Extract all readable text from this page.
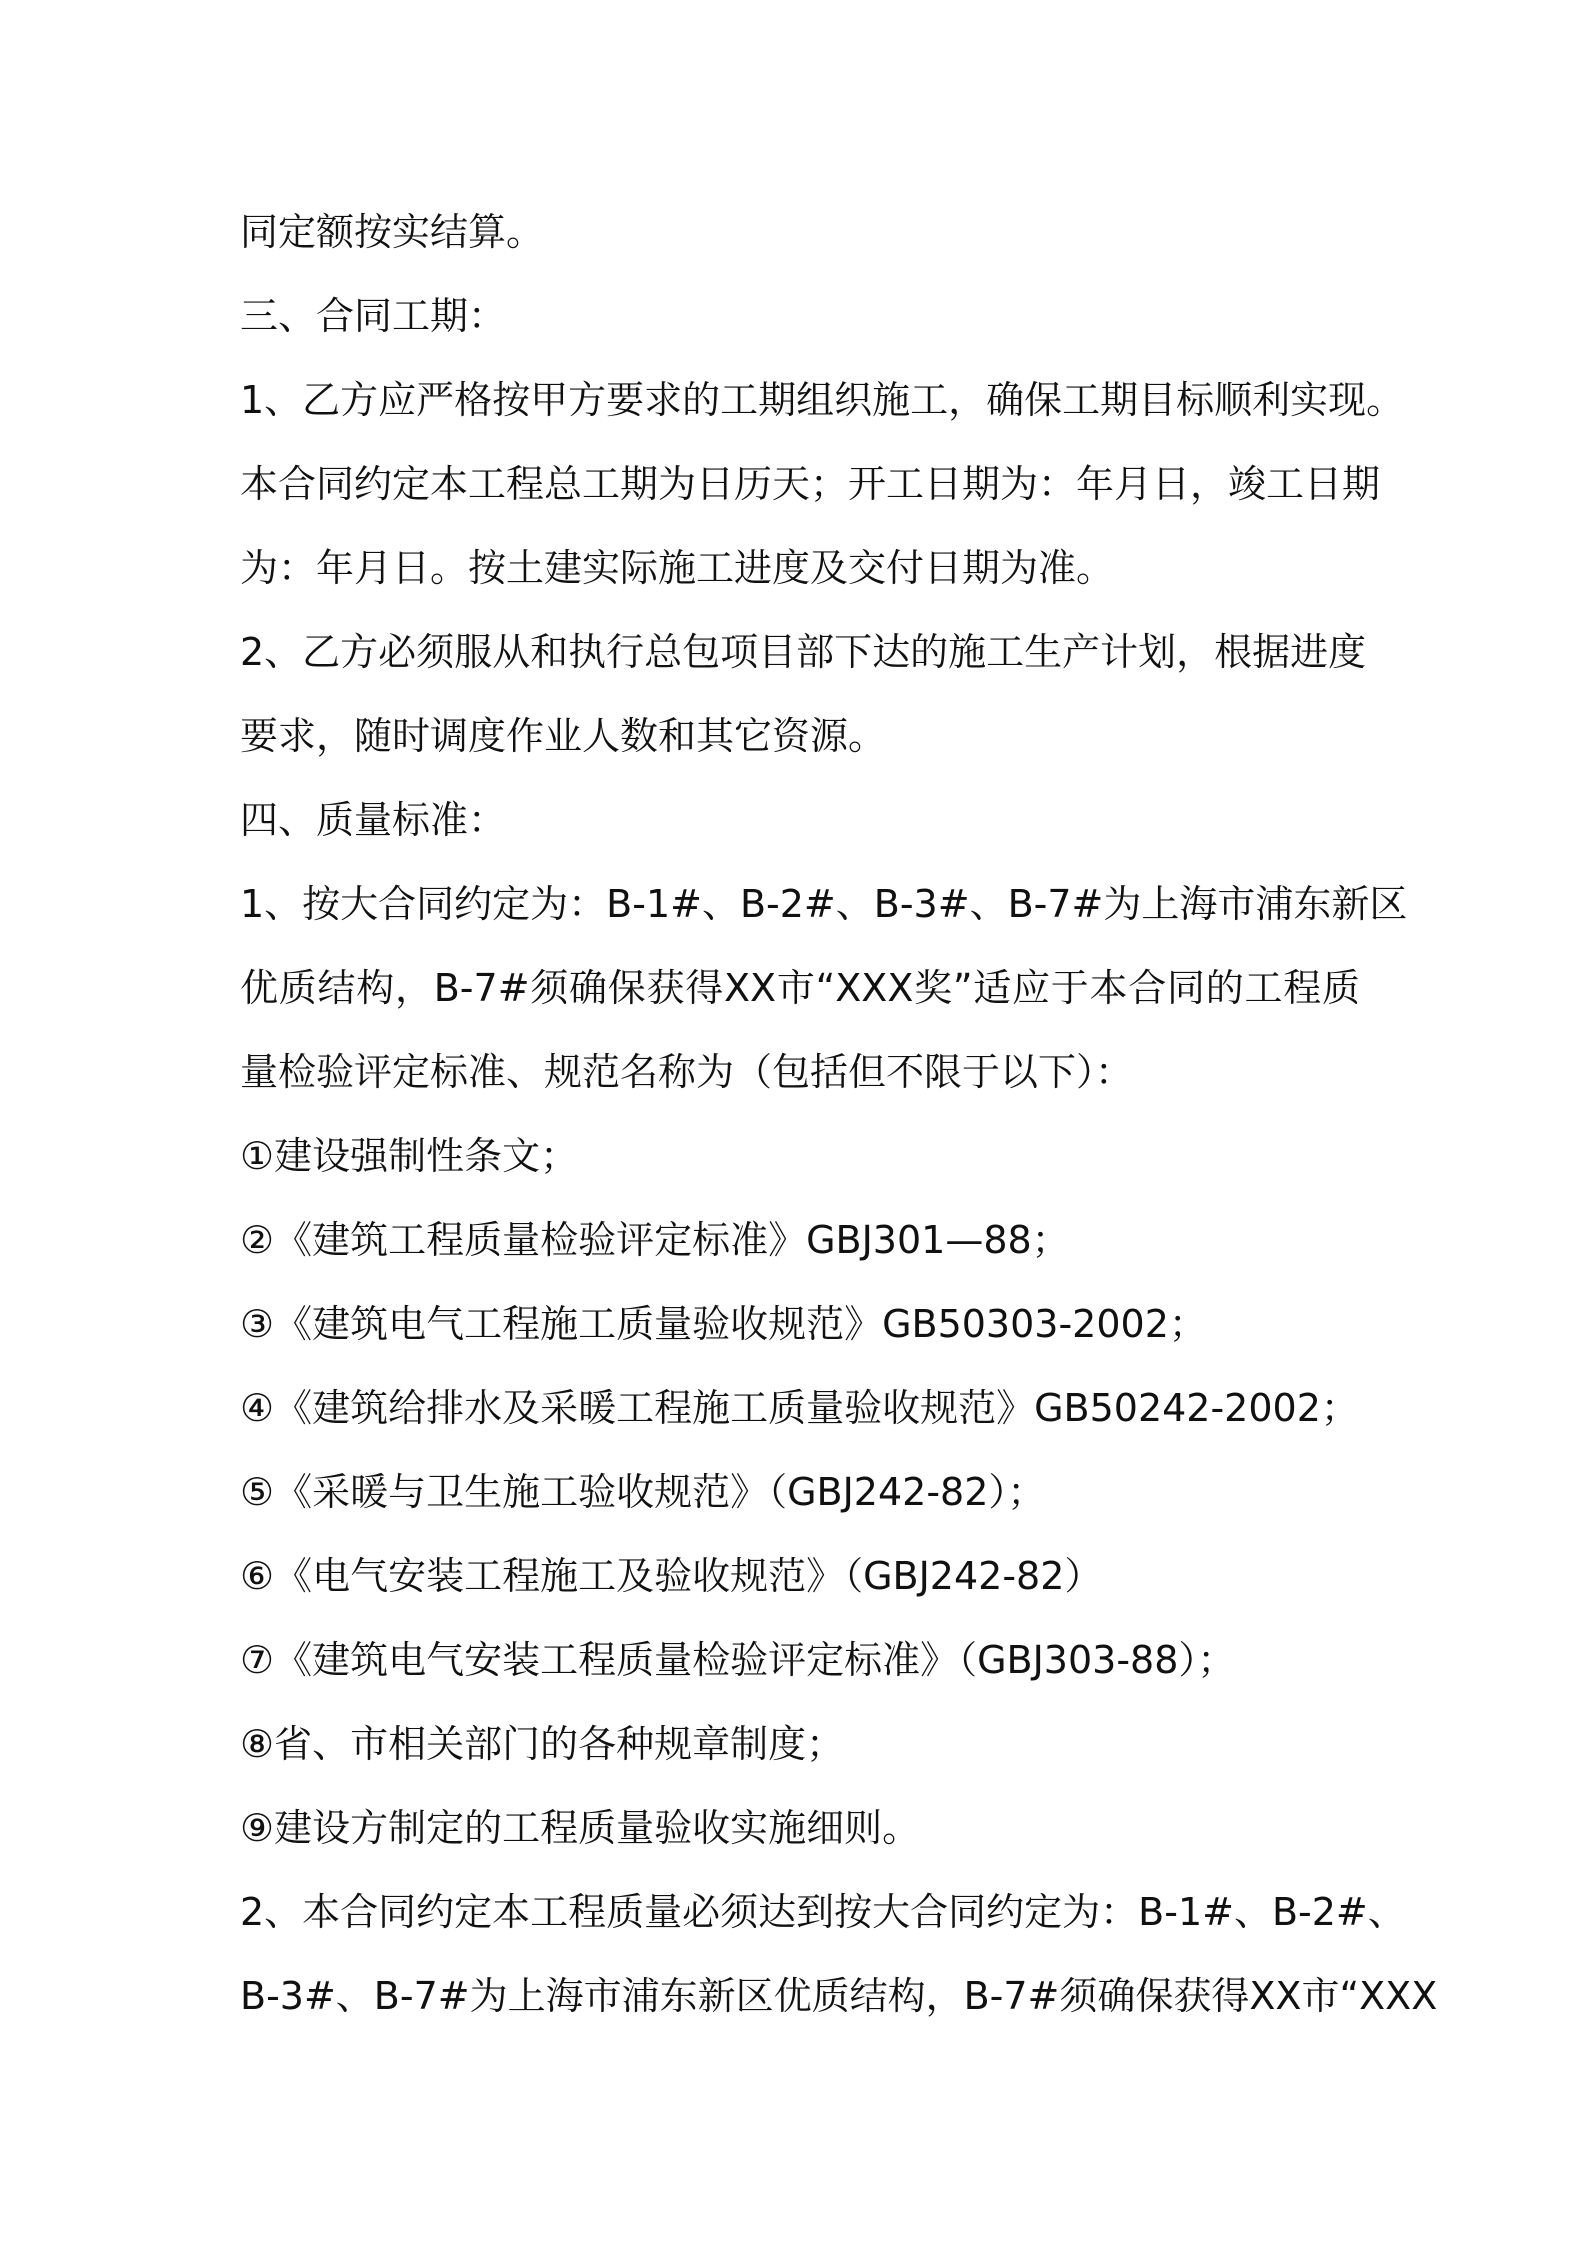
同定额按实结算。
三、合同工期：
1、乙方应严格按甲方要求的工期组织施工，确保工期目标顺利实现。
本合同约定本工程总工期为日历天；开工日期为：年月日，竣工日期
为：年月日。按土建实际施工进度及交付日期为准。
2、乙方必须服从和执行总包项目部下达的施工生产计划，根据进度
要求，随时调度作业人数和其它资源。
四、质量标准：
1、按大合同约定为：B-1#、B-2#、B-3#、B-7#为上海市浦东新区
优质结构，B-7#须确保获得XX市“XXX奖”适应于本合同的工程质
量检验评定标准、规范名称为（包括但不限于以下）：
①建设强制性条文；
②《建筑工程质量检验评定标准》GBJ301—88；
③《建筑电气工程施工质量验收规范》GB50303-2002；
④《建筑给排水及采暖工程施工质量验收规范》GB50242-2002；
⑤《采暖与卫生施工验收规范》（GBJ242-82）；
⑥《电气安装工程施工及验收规范》（GBJ242-82）
⑦《建筑电气安装工程质量检验评定标准》（GBJ303-88）；
⑧省、市相关部门的各种规章制度；
⑨建设方制定的工程质量验收实施细则。
2、本合同约定本工程质量必须达到按大合同约定为：B-1#、B-2#、
B-3#、B-7#为上海市浦东新区优质结构，B-7#须确保获得XX市“XXX
